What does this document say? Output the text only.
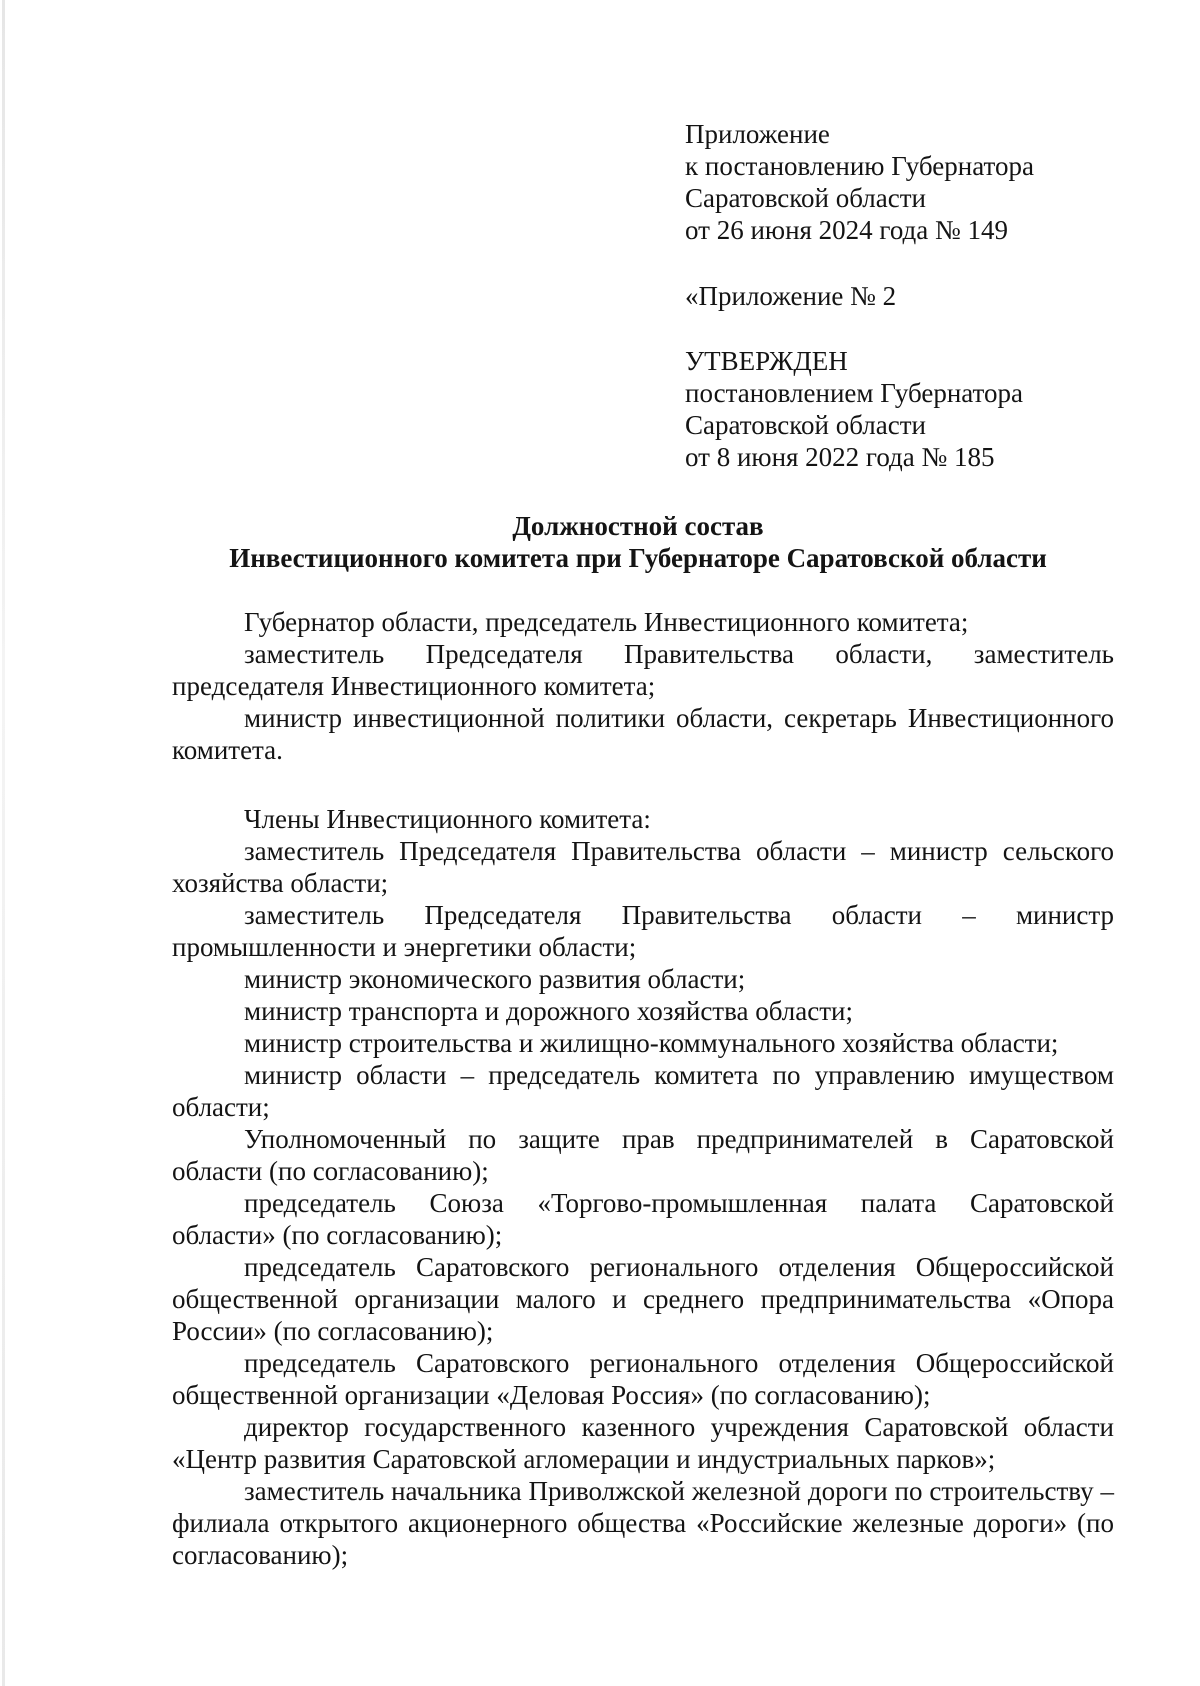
Приложение
к постановлению Губернатора
Саратовской области
от 26 июня 2024 года № 149
«Приложение № 2
УТВЕРЖДЕН
постановлением Губернатора
Саратовской области
от 8 июня 2022 года № 185
Должностной состав
Инвестиционного комитета при Губернаторе Саратовской области

Губернатор области, председатель Инвестиционного комитета;

заместитель Председателя Правительства области, заместитель председателя Инвестиционного комитета;

министр инвестиционной политики области, секретарь Инвестиционного комитета.

Члены Инвестиционного комитета:

заместитель Председателя Правительства области – министр сельского хозяйства области;

заместитель Председателя Правительства области – министр промышленности и энергетики области;

министр экономического развития области;

министр транспорта и дорожного хозяйства области;

министр строительства и жилищно-коммунального хозяйства области;

министр области – председатель комитета по управлению имуществом области;

Уполномоченный по защите прав предпринимателей в Саратовской области (по согласованию);

председатель Союза «Торгово-промышленная палата Саратовской области» (по согласованию);

председатель Саратовского регионального отделения Общероссийской общественной организации малого и среднего предпринимательства «Опора России» (по согласованию);

председатель Саратовского регионального отделения Общероссийской общественной организации «Деловая Россия» (по согласованию);

директор государственного казенного учреждения Саратовской области «Центр развития Саратовской агломерации и индустриальных парков»;

заместитель начальника Приволжской железной дороги по строительству – филиала открытого акционерного общества «Российские железные дороги» (по согласованию);
